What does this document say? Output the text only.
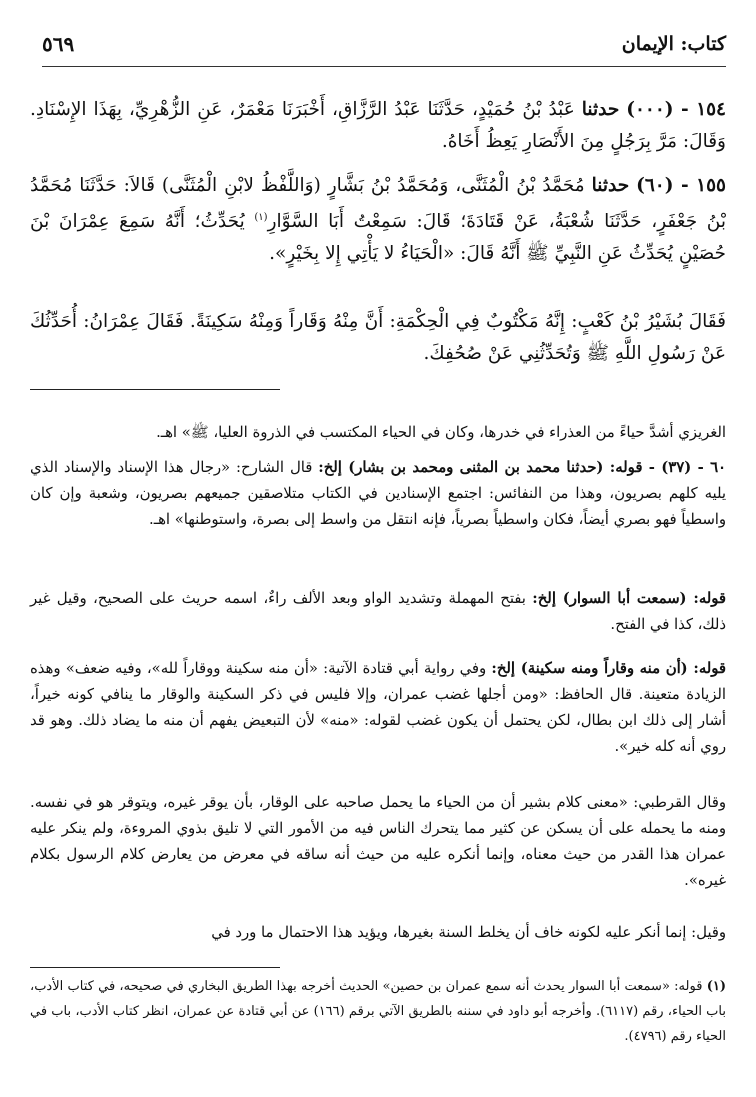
كتاب: الإيمان
٥٦٩
١٥٤ - (٠٠٠) حدثنا عَبْدُ بْنُ حُمَيْدٍ، حَدَّثَنَا عَبْدُ الرَّزَّاقِ، أَخْبَرَنَا مَعْمَرٌ، عَنِ الزُّهْرِيِّ، بِهَذَا الإِسْنَادِ. وَقَالَ: مَرَّ بِرَجُلٍ مِنَ الأَنْصَارِ يَعِظُ أَخَاهُ.
١٥٥ - (٦٠) حدثنا مُحَمَّدُ بْنُ الْمُثَنَّى، وَمُحَمَّدُ بْنُ بَشَّارٍ (وَاللَّفْظُ لابْنِ الْمُثَنَّى) قَالاَ: حَدَّثَنَا مُحَمَّدُ بْنُ جَعْفَرٍ، حَدَّثَنَا شُعْبَةُ، عَنْ قَتَادَةَ؛ قَالَ: سَمِعْتُ أَبَا السَّوَّارِ$^{(١)}$ يُحَدِّثُ؛ أَنَّهُ سَمِعَ عِمْرَانَ بْنَ حُصَيْنٍ يُحَدِّثُ عَنِ النَّبِيِّ ﷺ أَنَّهُ قَالَ: «الْحَيَاءُ لا يَأْتِي إِلا بِخَيْرٍ».
فَقَالَ بُشَيْرُ بْنُ كَعْبٍ: إِنَّهُ مَكْتُوبٌ فِي الْحِكْمَةِ: أَنَّ مِنْهُ وَقَاراً وَمِنْهُ سَكِينَةً. فَقَالَ عِمْرَانُ: أُحَدِّثُكَ عَنْ رَسُولِ اللَّهِ ﷺ وَتُحَدِّثُنِي عَنْ صُحُفِكَ.
الغريزي أشدَّ حياءً من العذراء في خدرها، وكان في الحياء المكتسب في الذروة العليا، ﷺ» اهـ.
٦٠ - (٣٧) - قوله: (حدثنا محمد بن المثنى ومحمد بن بشار) إلخ: قال الشارح: «رجال هذا الإسناد والإسناد الذي يليه كلهم بصريون، وهذا من النفائس: اجتمع الإسنادين في الكتاب متلاصقين جميعهم بصريون، وشعبة وإن كان واسطياً فهو بصري أيضاً، فكان واسطياً بصرياً، فإنه انتقل من واسط إلى بصرة، واستوطنها» اهـ.
قوله: (سمعت أبا السوار) إلخ: بفتح المهملة وتشديد الواو وبعد الألف راءٌ، اسمه حريث على الصحيح، وقيل غير ذلك، كذا في الفتح.
قوله: (أن منه وقاراً ومنه سكينة) إلخ: وفي رواية أبي قتادة الآتية: «أن منه سكينة ووقاراً لله»، وفيه ضعف» وهذه الزيادة متعينة. قال الحافظ: «ومن أجلها غضب عمران، وإلا فليس في ذكر السكينة والوقار ما ينافي كونه خيراً، أشار إلى ذلك ابن بطال، لكن يحتمل أن يكون غضب لقوله: «منه» لأن التبعيض يفهم أن منه ما يضاد ذلك. وهو قد روي أنه كله خير».
وقال القرطبي: «معنى كلام بشير أن من الحياء ما يحمل صاحبه على الوقار، بأن يوقر غيره، ويتوقر هو في نفسه. ومنه ما يحمله على أن يسكن عن كثير مما يتحرك الناس فيه من الأمور التي لا تليق بذوي المروءة، ولم ينكر عليه عمران هذا القدر من حيث معناه، وإنما أنكره عليه من حيث أنه ساقه في معرض من يعارض كلام الرسول بكلام غيره».
وقيل: إنما أنكر عليه لكونه خاف أن يخلط السنة بغيرها، ويؤيد هذا الاحتمال ما ورد في
(١) قوله: «سمعت أبا السوار يحدث أنه سمع عمران بن حصين» الحديث أخرجه بهذا الطريق البخاري في صحيحه، في كتاب الأدب، باب الحياء، رقم (٦١١٧). وأخرجه أبو داود في سننه بالطريق الآتي برقم (١٦٦) عن أبي قتادة عن عمران، انظر كتاب الأدب، باب في الحياء رقم (٤٧٩٦).
